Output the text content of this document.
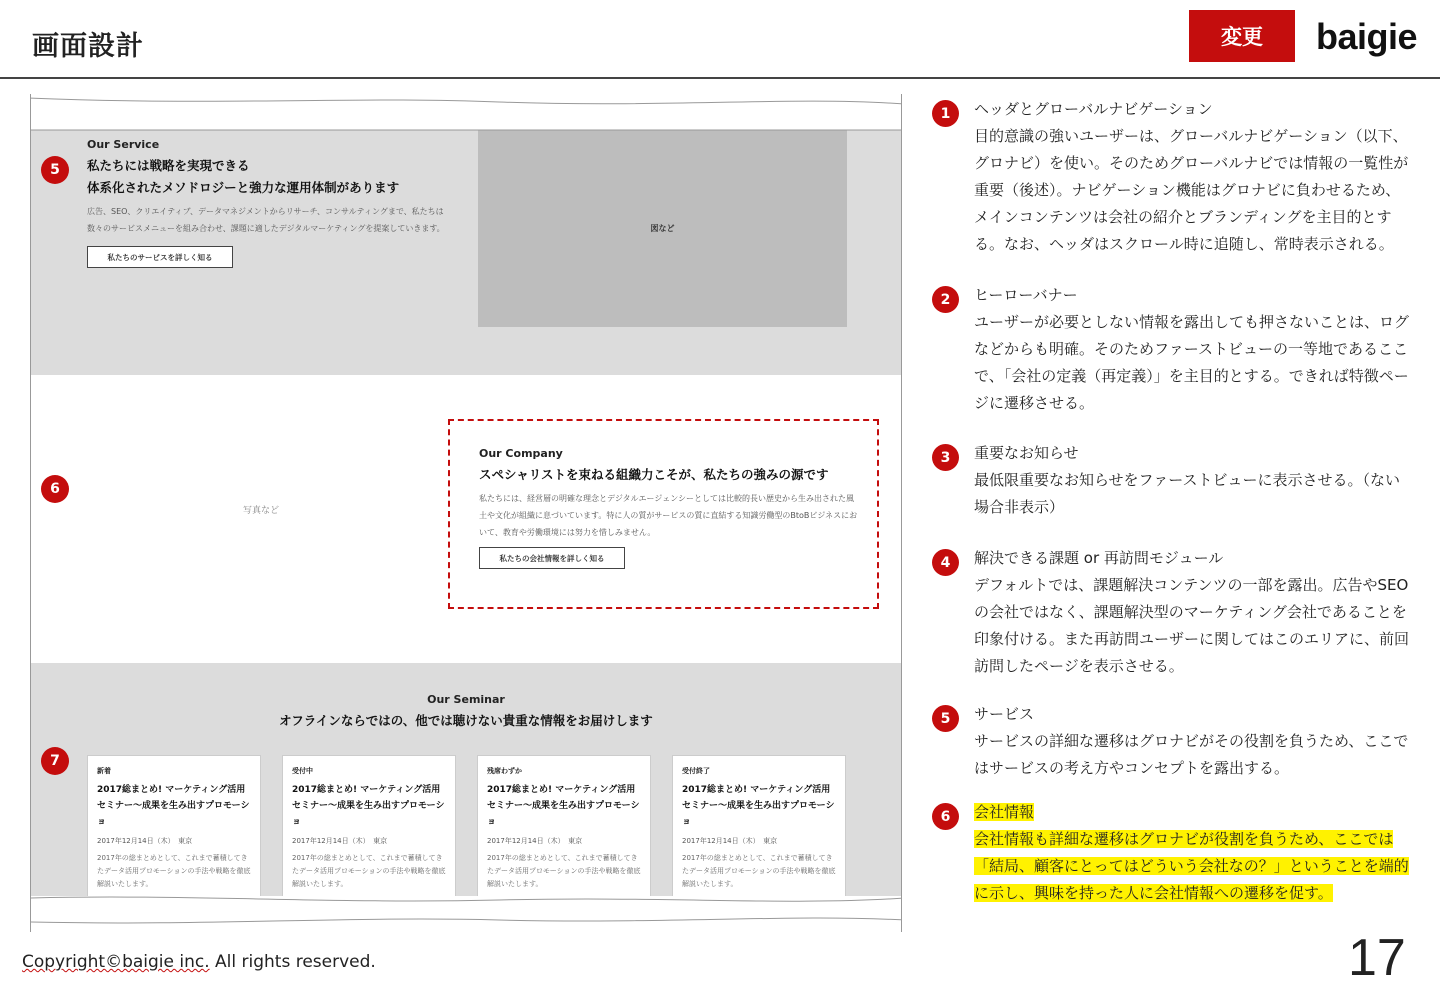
画面設計	変更	baigie
5
Our Service
私たちには戦略を実現できる
体系化されたメソドロジーと強力な運用体制があります
広告、SEO、クリエイティブ、データマネジメントからリサーチ、コンサルティングまで、私たちは数々のサービスメニューを組み合わせ、課題に適したデジタルマーケティングを提案していきます。
私たちのサービスを詳しく知る
図など
6
写真など
Our Company
スペシャリストを束ねる組織力こそが、私たちの強みの源です
私たちには、経営層の明確な理念とデジタルエージェンシーとしては比較的長い歴史から生み出された風土や文化が組織に息づいています。特に人の質がサービスの質に直結する知識労働型のBtoBビジネスにおいて、教育や労働環境には努力を惜しみません。
私たちの会社情報を詳しく知る
7
Our Seminar
オフラインならではの、他では聴けない貴重な情報をお届けします
新着
2017総まとめ! マーケティング活用セミナー～成果を生み出すプロモーショ
2017年12月14日（木）　東京
2017年の総まとめとして、これまで蓄積してきたデータ活用プロモーションの手法や戦略を徹底解説いたします。
受付中
2017総まとめ! マーケティング活用セミナー～成果を生み出すプロモーショ
2017年12月14日（木）　東京
2017年の総まとめとして、これまで蓄積してきたデータ活用プロモーションの手法や戦略を徹底解説いたします。
残席わずか
2017総まとめ! マーケティング活用セミナー～成果を生み出すプロモーショ
2017年12月14日（木）　東京
2017年の総まとめとして、これまで蓄積してきたデータ活用プロモーションの手法や戦略を徹底解説いたします。
受付終了
2017総まとめ! マーケティング活用セミナー～成果を生み出すプロモーショ
2017年12月14日（木）　東京
2017年の総まとめとして、これまで蓄積してきたデータ活用プロモーションの手法や戦略を徹底解説いたします。
1	ヘッダとグローバルナビゲーション
目的意識の強いユーザーは、グローバルナビゲーション（以下、グロナビ）を使い。そのためグローバルナビでは情報の一覧性が重要（後述）。ナビゲーション機能はグロナビに負わせるため、メインコンテンツは会社の紹介とブランディングを主目的とする。なお、ヘッダはスクロール時に追随し、常時表示される。
2	ヒーローバナー
ユーザーが必要としない情報を露出しても押さないことは、ログなどからも明確。そのためファーストビューの一等地であるここで、「会社の定義（再定義）」を主目的とする。できれば特徴ページに遷移させる。
3	重要なお知らせ
最低限重要なお知らせをファーストビューに表示させる。（ない場合非表示）
4	解決できる課題 or 再訪問モジュール
デフォルトでは、課題解決コンテンツの一部を露出。広告やSEOの会社ではなく、課題解決型のマーケティング会社であることを印象付ける。また再訪問ユーザーに関してはこのエリアに、前回訪問したページを表示させる。
5	サービス
サービスの詳細な遷移はグロナビがその役割を負うため、ここではサービスの考え方やコンセプトを露出する。
6	会社情報
会社情報も詳細な遷移はグロナビが役割を負うため、ここでは「結局、顧客にとってはどういう会社なの？」ということを端的に示し、興味を持った人に会社情報への遷移を促す。
Copyright©baigie inc. All rights reserved.	17
